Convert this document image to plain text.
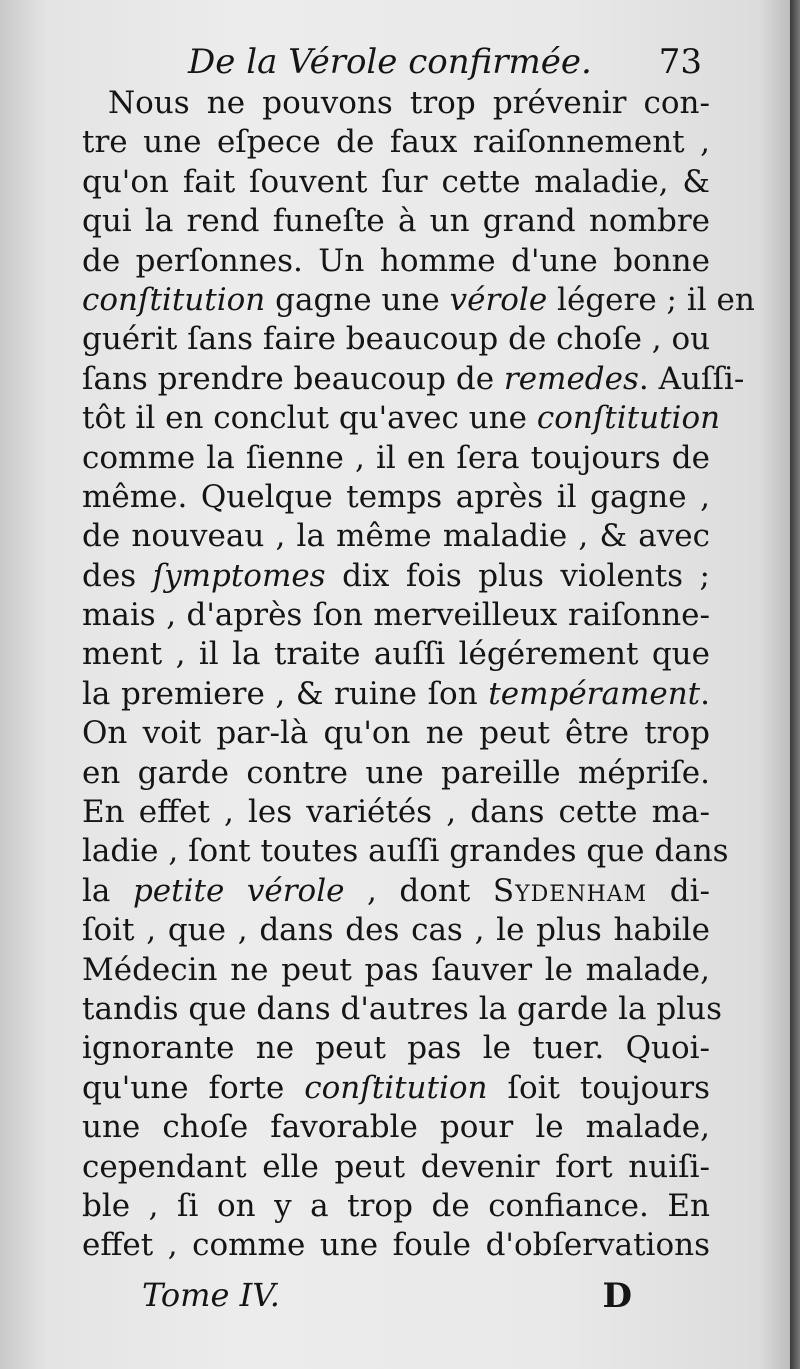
De la Vérole confirmée. 73
Nous ne pouvons trop prévenir con-
tre une eſpece de faux raiſonnement ,
qu'on fait ſouvent ſur cette maladie, &
qui la rend funeſte à un grand nombre
de perſonnes. Un homme d'une bonne
conſtitution gagne une vérole légere ; il en
guérit ſans faire beaucoup de choſe , ou
ſans prendre beaucoup de remedes. Auſſi-
tôt il en conclut qu'avec une conſtitution
comme la ſienne , il en ſera toujours de
même. Quelque temps après il gagne ,
de nouveau , la même maladie , & avec
des ſymptomes dix fois plus violents ;
mais , d'après ſon merveilleux raiſonne-
ment , il la traite auſſi légérement que
la premiere , & ruine ſon tempérament.
On voit par-là qu'on ne peut être trop
en garde contre une pareille mépriſe.
En effet , les variétés , dans cette ma-
ladie , ſont toutes auſſi grandes que dans
la petite vérole , dont Sydenham di-
ſoit , que , dans des cas , le plus habile
Médecin ne peut pas ſauver le malade,
tandis que dans d'autres la garde la plus
ignorante ne peut pas le tuer. Quoi-
qu'une forte conſtitution ſoit toujours
une choſe favorable pour le malade,
cependant elle peut devenir fort nuiſi-
ble , ſi on y a trop de confiance. En
effet , comme une foule d'obſervations
Tome IV.	D
